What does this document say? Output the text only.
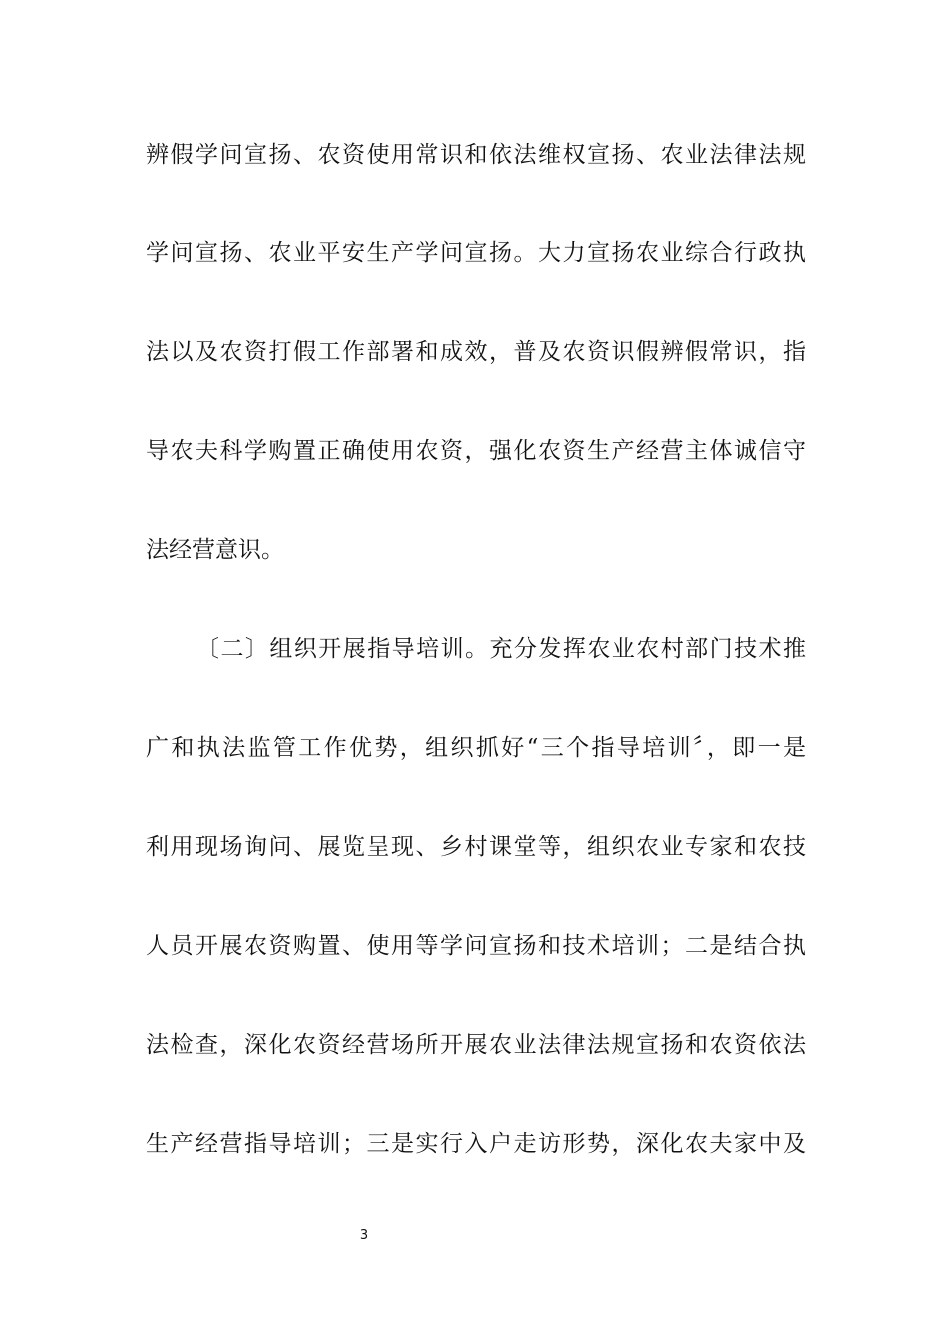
辨假学问宣扬、农资使用常识和依法维权宣扬、农业法律法规
学问宣扬、农业平安生产学问宣扬。大力宣扬农业综合行政执
法以及农资打假工作部署和成效，普及农资识假辨假常识，指
导农夫科学购置正确使用农资，强化农资生产经营主体诚信守
法经营意识。
〔二〕组织开展指导培训。充分发挥农业农村部门技术推
广和执法监管工作优势，组织抓好“三个指导培训〞，即一是
利用现场询问、展览呈现、乡村课堂等，组织农业专家和农技
人员开展农资购置、使用等学问宣扬和技术培训；二是结合执
法检查，深化农资经营场所开展农业法律法规宣扬和农资依法
生产经营指导培训；三是实行入户走访形势，深化农夫家中及
3
